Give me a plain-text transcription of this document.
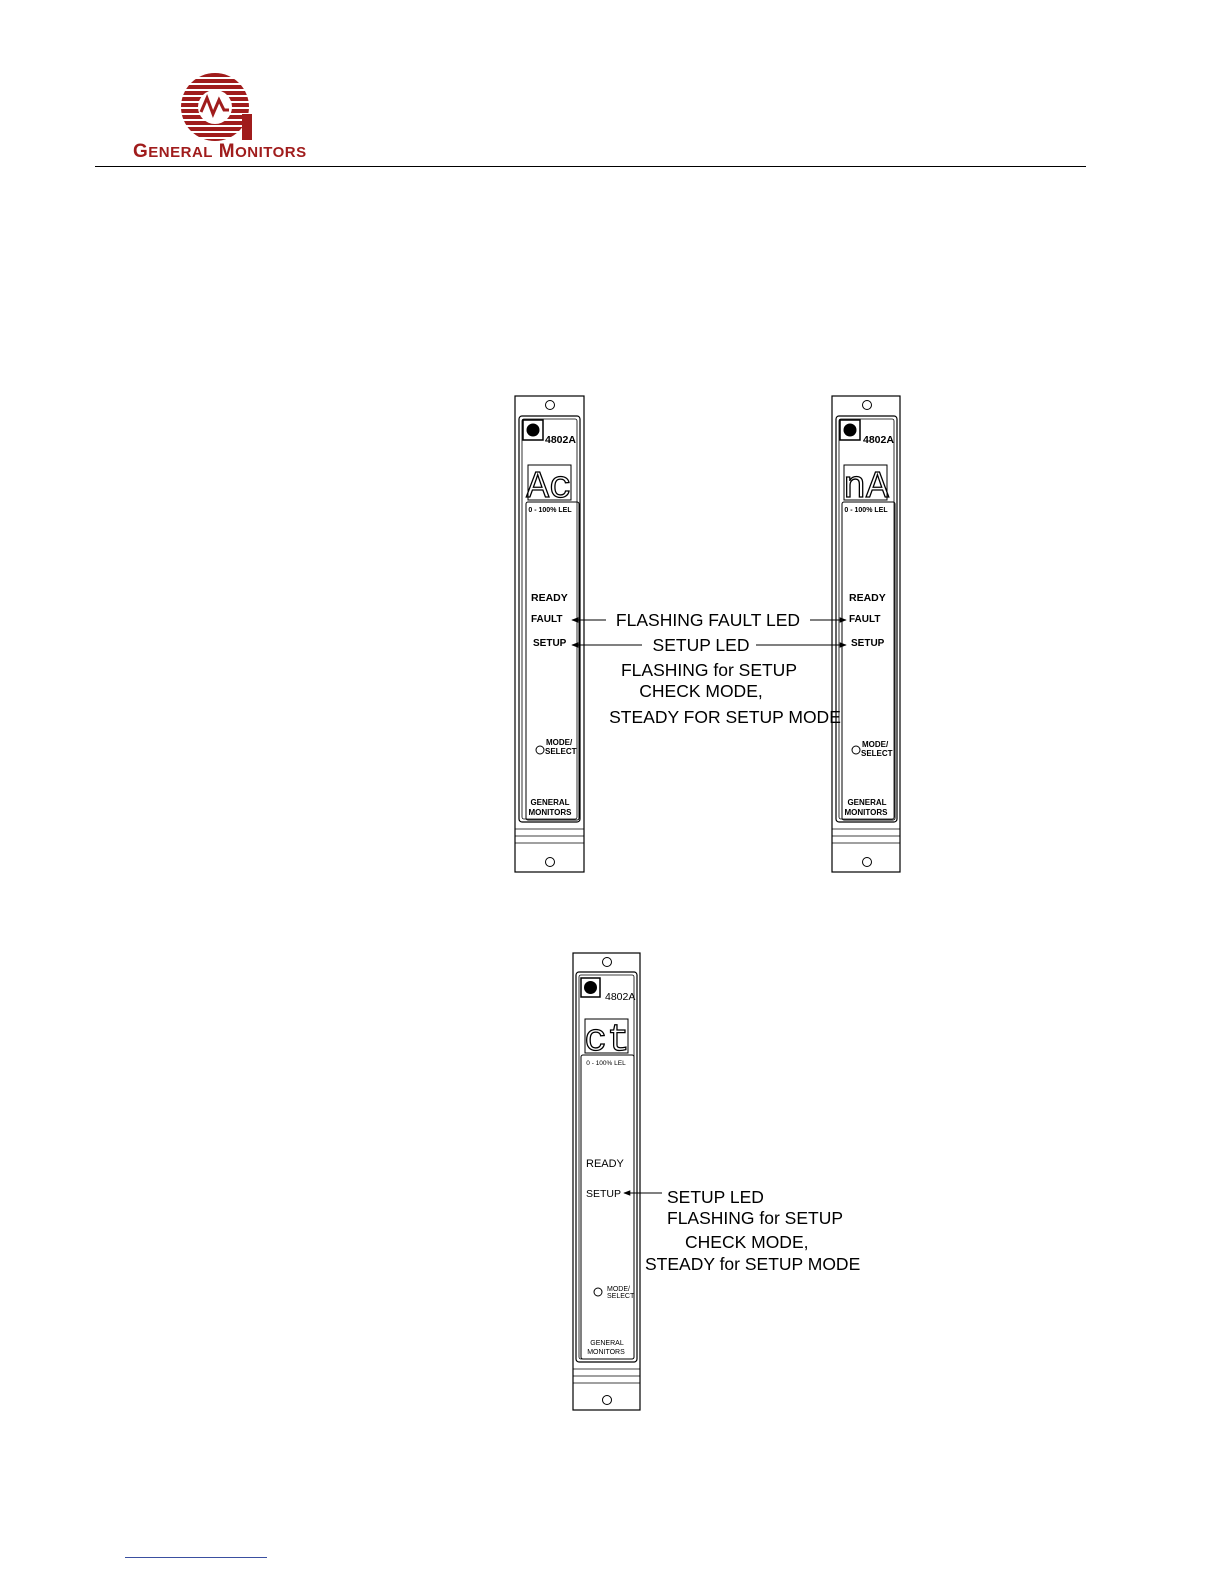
GENERAL MONITORS
4802A
Ac
0 - 100% LEL
READY
FAULT
SETUP
MODE/
SELECT
GENERAL
MONITORS
4802A
nA
0 - 100% LEL
READY
FAULT
SETUP
MODE/
SELECT
GENERAL
MONITORS
FLASHING FAULT LED
SETUP LED
FLASHING for SETUP
CHECK MODE,
STEADY FOR SETUP MODE
4802A
ct
0 - 100% LEL
READY
SETUP
MODE/
SELECT
GENERAL
MONITORS
SETUP LED
FLASHING for SETUP
CHECK MODE,
STEADY for SETUP MODE
